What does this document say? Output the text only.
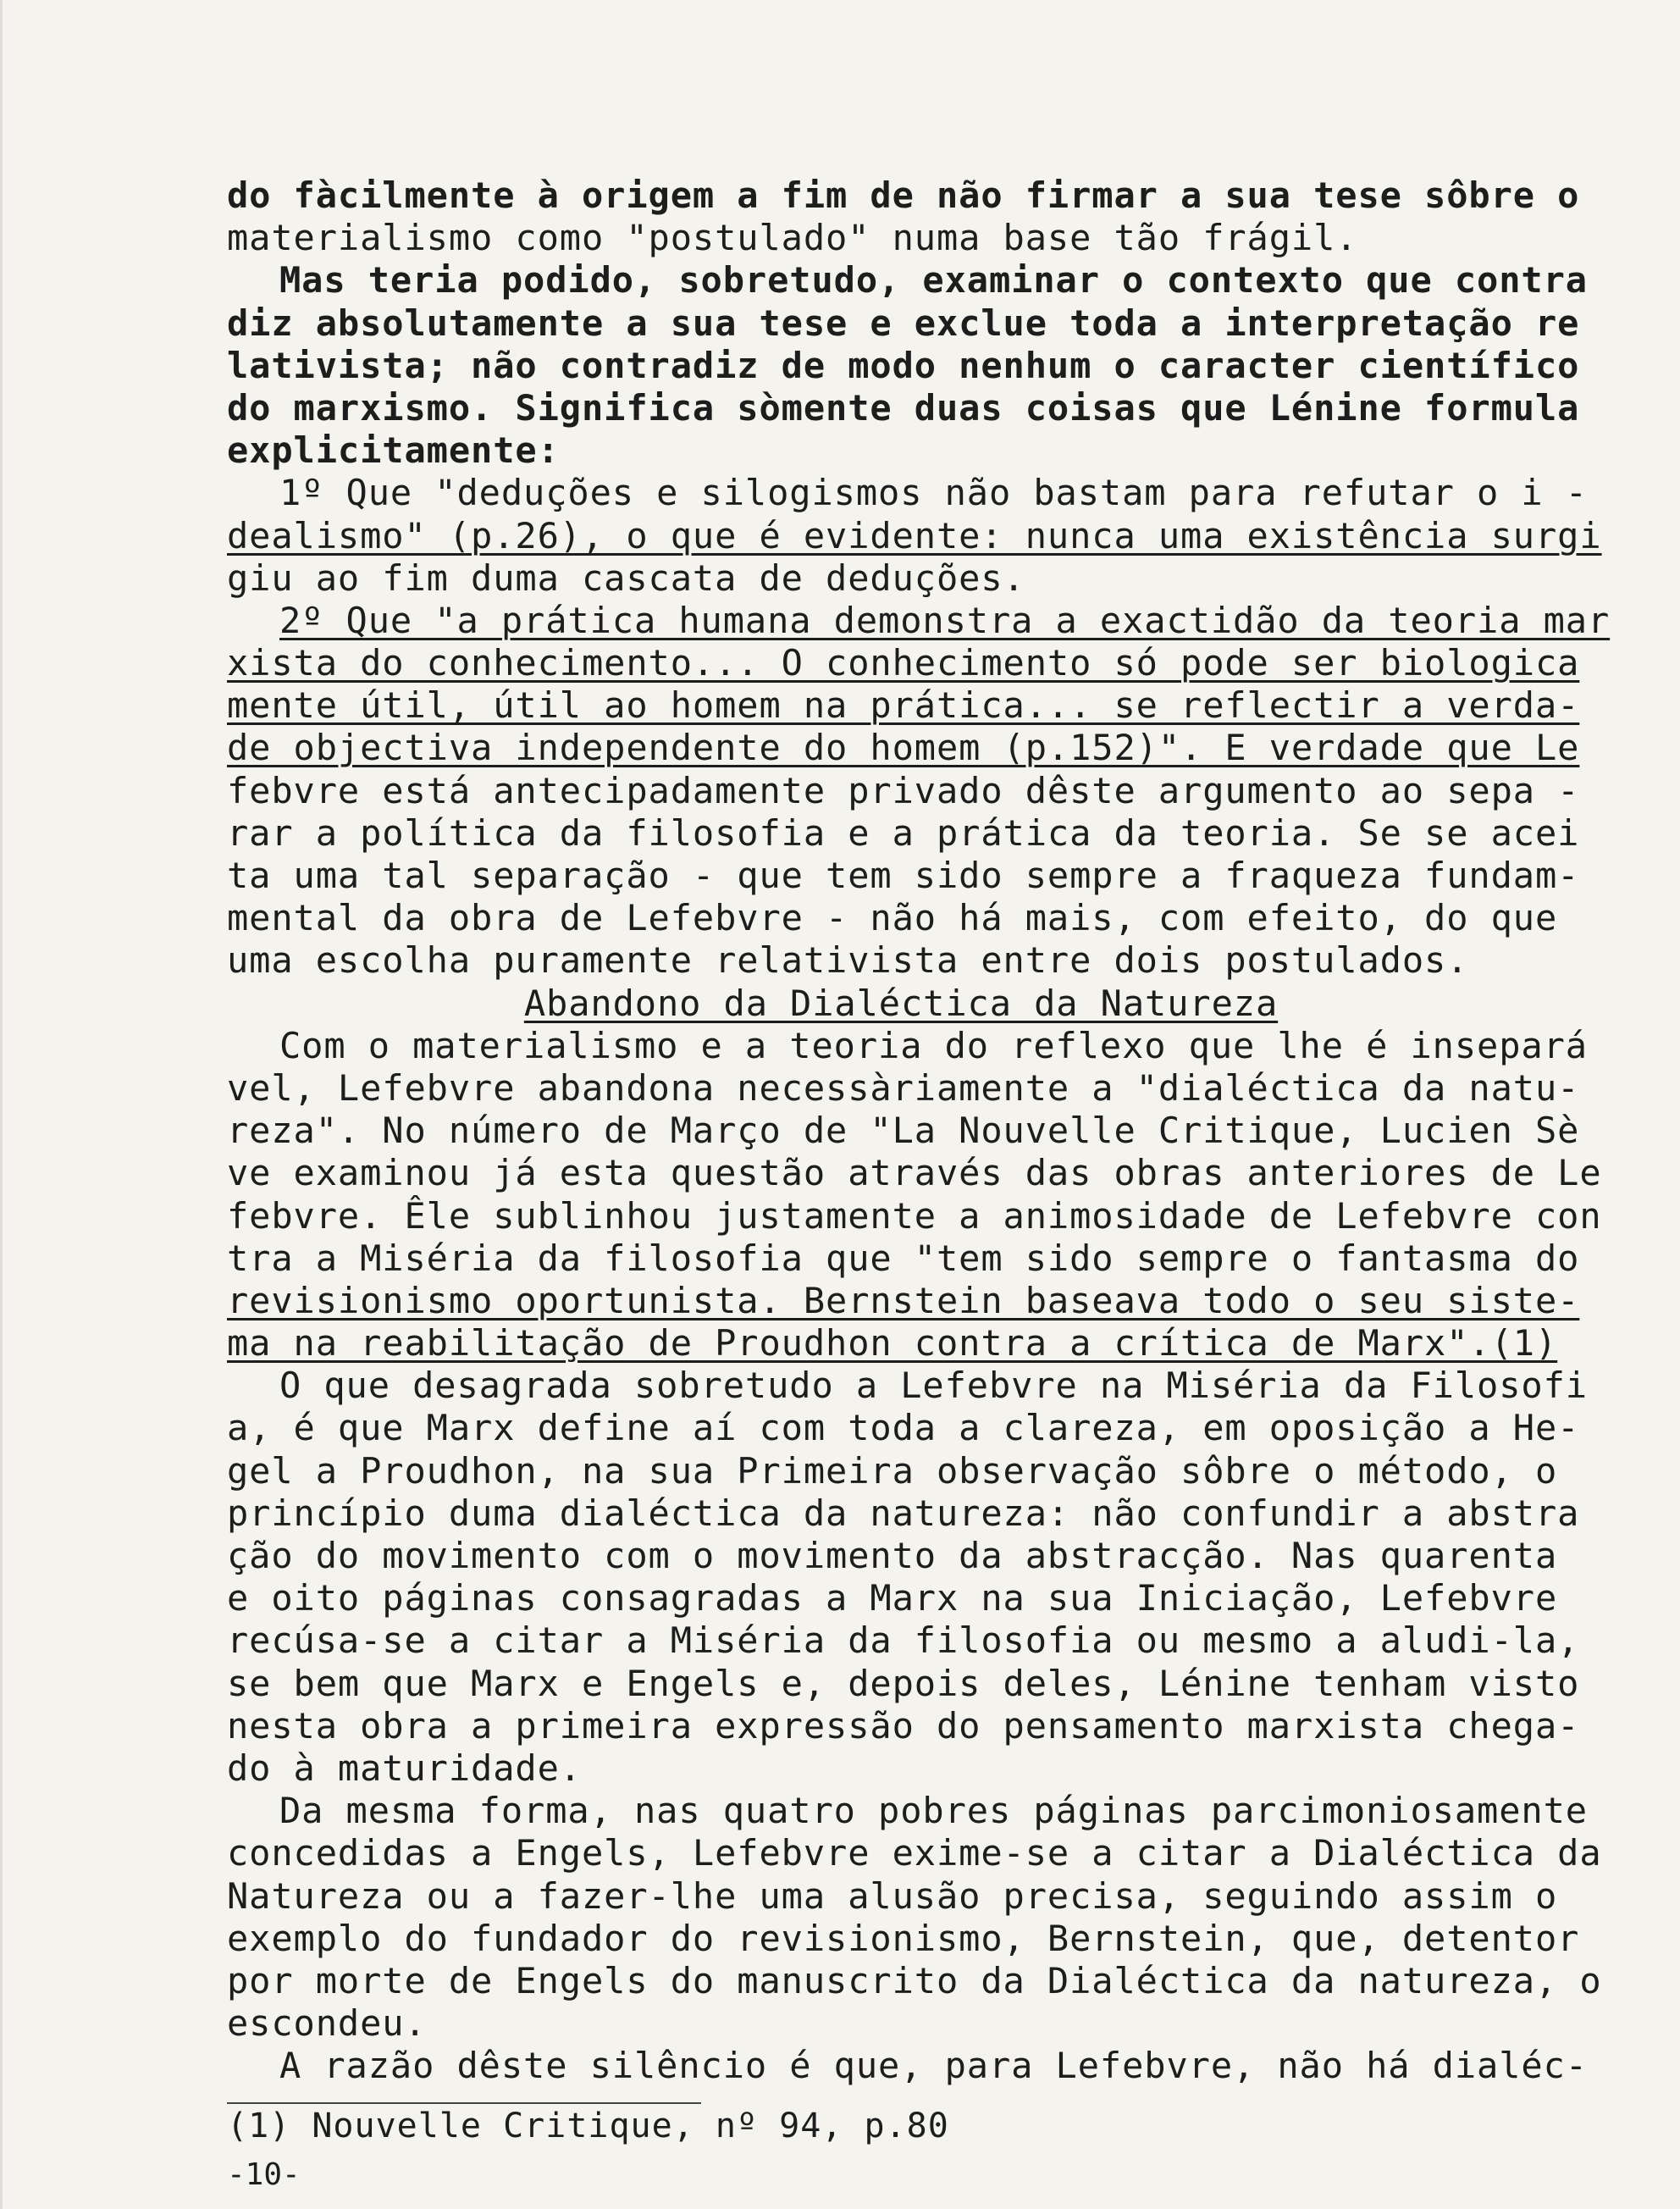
do fàcilmente à origem a fim de não firmar a sua tese sôbre o
materialismo como "postulado" numa base tão frágil.
Mas teria podido, sobretudo, examinar o contexto que contra
diz absolutamente a sua tese e exclue toda a interpretação re
lativista; não contradiz de modo nenhum o caracter científico
do marxismo. Significa sòmente duas coisas que Lénine formula
explicitamente:
1º Que "deduções e silogismos não bastam para refutar o i -
dealismo" (p.26), o que é evidente: nunca uma existência surgi
giu ao fim duma cascata de deduções.
2º Que "a prática humana demonstra a exactidão da teoria mar
xista do conhecimento... O conhecimento só pode ser biologica
mente útil, útil ao homem na prática... se reflectir a verda-
de objectiva independente do homem (p.152)". E verdade que Le
febvre está antecipadamente privado dêste argumento ao sepa -
rar a política da filosofia e a prática da teoria. Se se acei
ta uma tal separação - que tem sido sempre a fraqueza fundam-
mental da obra de Lefebvre - não há mais, com efeito, do que
uma escolha puramente relativista entre dois postulados.
Abandono da Dialéctica da Natureza
Com o materialismo e a teoria do reflexo que lhe é insepará
vel, Lefebvre abandona necessàriamente a "dialéctica da natu-
reza". No número de Março de "La Nouvelle Critique, Lucien Sè
ve examinou já esta questão através das obras anteriores de Le
febvre. Êle sublinhou justamente a animosidade de Lefebvre con
tra a Miséria da filosofia que "tem sido sempre o fantasma do
revisionismo oportunista. Bernstein baseava todo o seu siste-
ma na reabilitação de Proudhon contra a crítica de Marx".(1)
O que desagrada sobretudo a Lefebvre na Miséria da Filosofi
a, é que Marx define aí com toda a clareza, em oposição a He-
gel a Proudhon, na sua Primeira observação sôbre o método, o
princípio duma dialéctica da natureza: não confundir a abstra
ção do movimento com o movimento da abstracção. Nas quarenta
e oito páginas consagradas a Marx na sua Iniciação, Lefebvre
recúsa-se a citar a Miséria da filosofia ou mesmo a aludi-la,
se bem que Marx e Engels e, depois deles, Lénine tenham visto
nesta obra a primeira expressão do pensamento marxista chega-
do à maturidade.
Da mesma forma, nas quatro pobres páginas parcimoniosamente
concedidas a Engels, Lefebvre exime-se a citar a Dialéctica da
Natureza ou a fazer-lhe uma alusão precisa, seguindo assim o
exemplo do fundador do revisionismo, Bernstein, que, detentor
por morte de Engels do manuscrito da Dialéctica da natureza, o
escondeu.
A razão dêste silêncio é que, para Lefebvre, não há dialéc-
(1) Nouvelle Critique, nº 94, p.80
-10-
